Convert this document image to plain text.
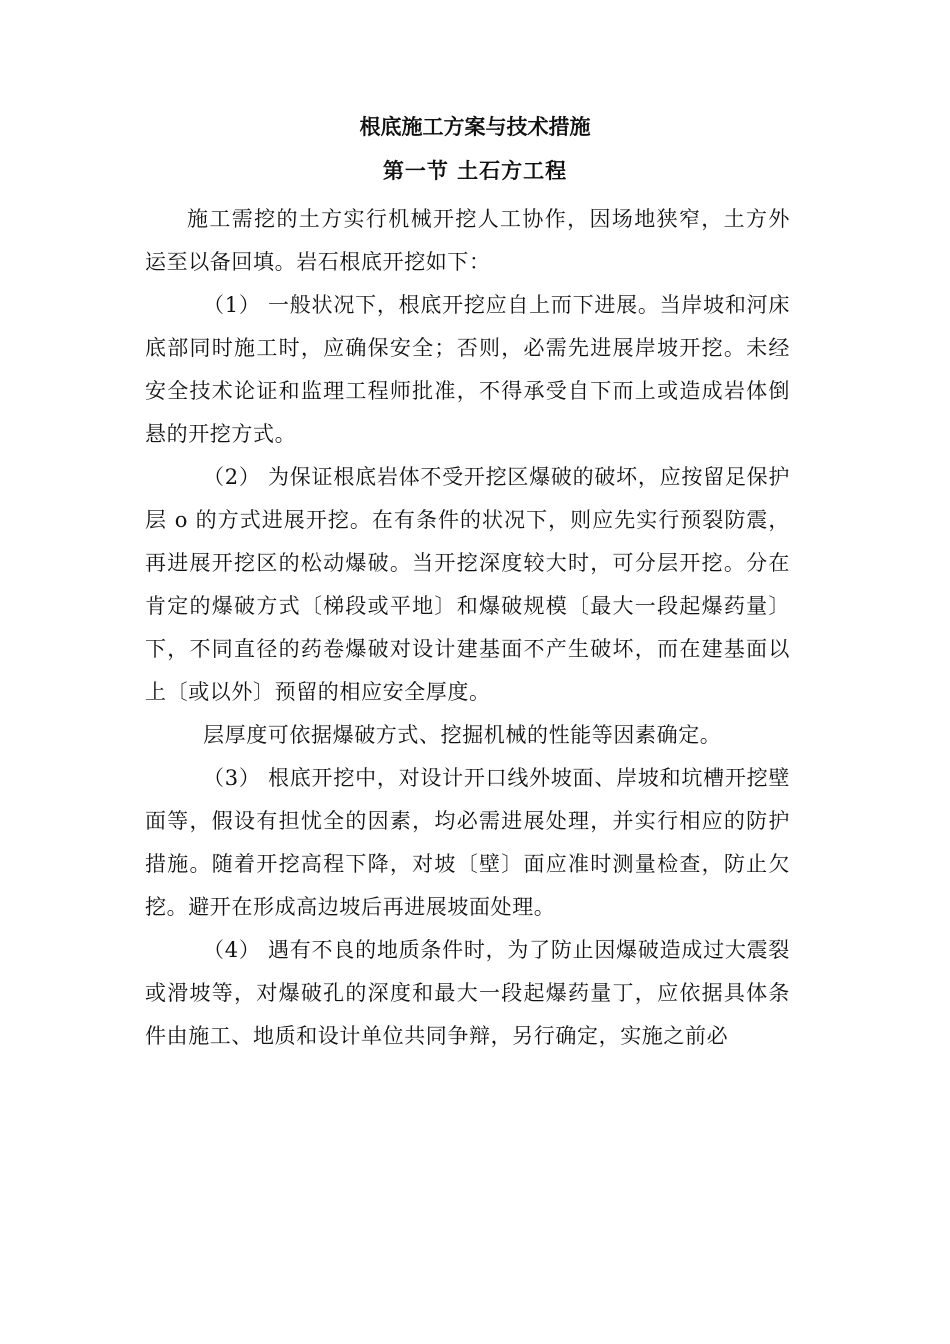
根底施工方案与技术措施
第一节 土石方工程

施工需挖的土方实行机械开挖人工协作，因场地狭窄，土方外运至以备回填。岩石根底开挖如下：

（1） 一般状况下，根底开挖应自上而下进展。当岸坡和河床底部同时施工时，应确保安全；否则，必需先进展岸坡开挖。未经安全技术论证和监理工程师批准，不得承受自下而上或造成岩体倒悬的开挖方式。

（2） 为保证根底岩体不受开挖区爆破的破坏，应按留足保护层 o 的方式进展开挖。在有条件的状况下，则应先实行预裂防震，再进展开挖区的松动爆破。当开挖深度较大时，可分层开挖。分在肯定的爆破方式〔梯段或平地〕和爆破规模〔最大一段起爆药量〕下，不同直径的药卷爆破对设计建基面不产生破坏，而在建基面以上〔或以外〕预留的相应安全厚度。

层厚度可依据爆破方式、挖掘机械的性能等因素确定。

（3） 根底开挖中，对设计开口线外坡面、岸坡和坑槽开挖壁面等，假设有担忧全的因素，均必需进展处理，并实行相应的防护措施。随着开挖高程下降，对坡〔壁〕面应准时测量检查，防止欠挖。避开在形成高边坡后再进展坡面处理。

（4） 遇有不良的地质条件时，为了防止因爆破造成过大震裂或滑坡等，对爆破孔的深度和最大一段起爆药量丁，应依据具体条件由施工、地质和设计单位共同争辩，另行确定，实施之前必
